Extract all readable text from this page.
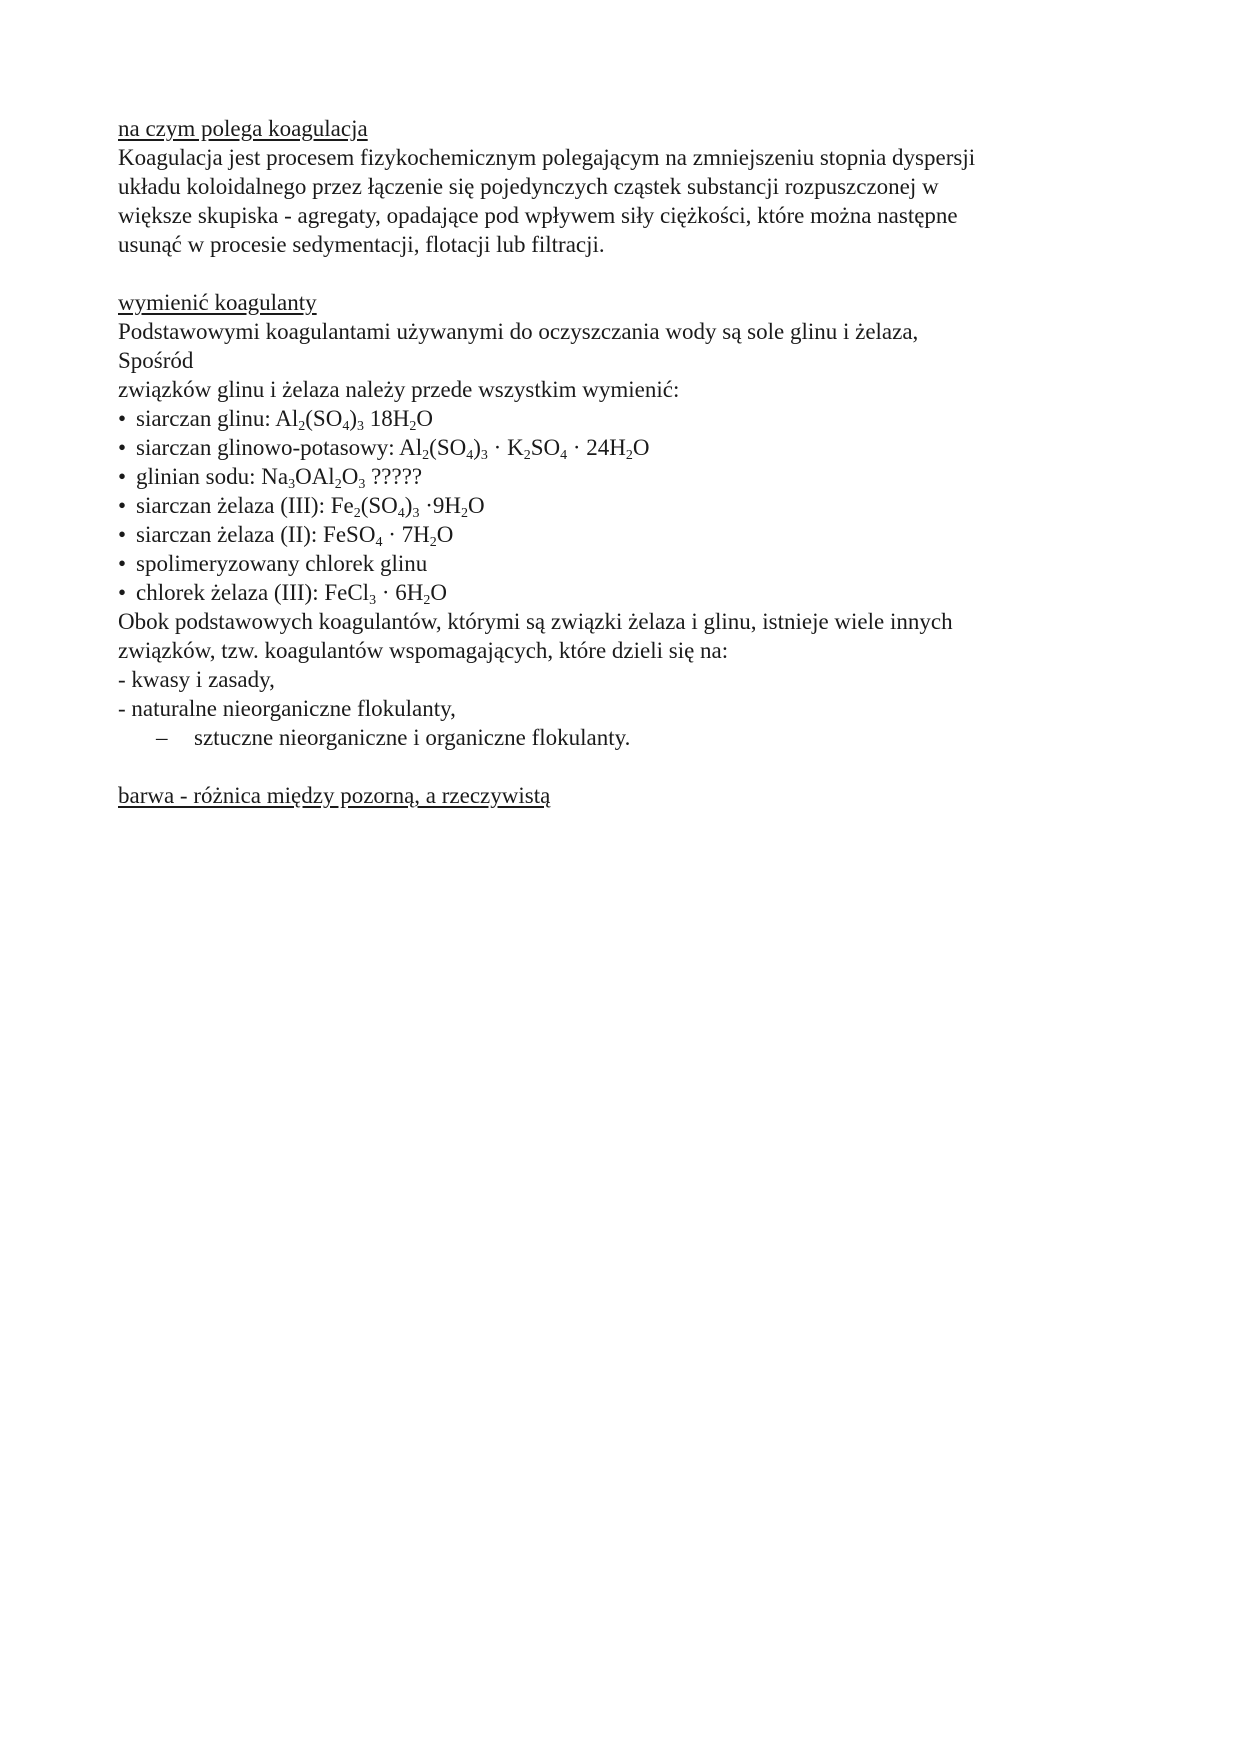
na czym polega koagulacja
Koagulacja jest procesem fizykochemicznym polegającym na zmniejszeniu stopnia dyspersji
układu koloidalnego przez łączenie się pojedynczych cząstek substancji rozpuszczonej w
większe skupiska - agregaty, opadające pod wpływem siły ciężkości, które można następne
usunąć w procesie sedymentacji, flotacji lub filtracji.
wymienić koagulanty
Podstawowymi koagulantami używanymi do oczyszczania wody są sole glinu i żelaza,
Spośród
związków glinu i żelaza należy przede wszystkim wymienić:
• siarczan glinu: $Al_2(SO_4)_3$ $18H_2O$
• siarczan glinowo-potasowy: $Al_2(SO_4)_3 \cdot K_2SO_4 \cdot 24H_2O$
• glinian sodu: $Na_3OAl_2O_3$ ?????
• siarczan żelaza (III): $Fe_2(SO_4)_3 \cdot 9H_2O$
• siarczan żelaza (II): FeSO$_4$ · $7H_2O$
• spolimeryzowany chlorek glinu
• chlorek żelaza (III): FeCl$_3$ · $6H_2O$
Obok podstawowych koagulantów, którymi są związki żelaza i glinu, istnieje wiele innych
związków, tzw. koagulantów wspomagających, które dzieli się na:
- kwasy i zasady,
- naturalne nieorganiczne flokulanty,
– sztuczne nieorganiczne i organiczne flokulanty.
barwa - różnica między pozorną, a rzeczywistą
